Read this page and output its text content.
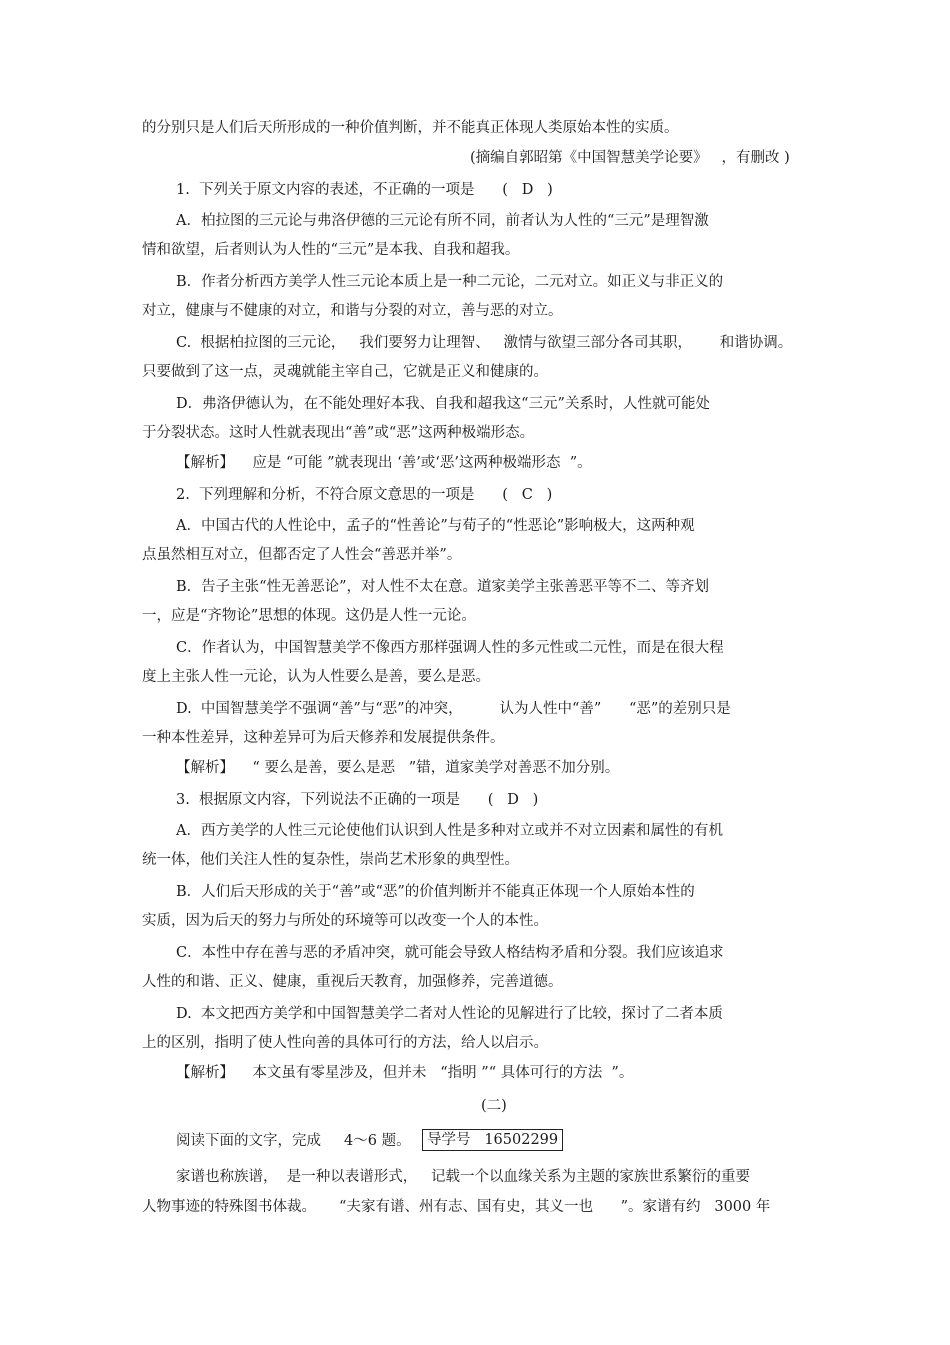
的分别只是人们后天所形成的一种价值判断，并不能真正体现人类原始本性的实质。
(摘编自郭昭第《中国智慧美学论要》   ，有删改 )
1.  下列关于原文内容的表述，不正确的一项是      (   D   )
A．柏拉图的三元论与弗洛伊德的三元论有所不同，前者认为人性的“三元”是理智激
情和欲望，后者则认为人性的“三元”是本我、自我和超我。
B．作者分析西方美学人性三元论本质上是一种二元论，二元对立。如正义与非正义的
对立，健康与不健康的对立，和谐与分裂的对立，善与恶的对立。
C.  根据柏拉图的三元论，   我们要努力让理智、   激情与欲望三部分各司其职，      和谐协调。
只要做到了这一点，灵魂就能主宰自己，它就是正义和健康的。
D．弗洛伊德认为，在不能处理好本我、自我和超我这“三元”关系时，人性就可能处
于分裂状态。这时人性就表现出“善”或“恶”这两种极端形态。
【解析】    应是 “可能 ”就表现出 ‘善’或‘恶’这两种极端形态  ”。
2.  下列理解和分析，不符合原文意思的一项是      (   C   )
A．中国古代的人性论中，孟子的“性善论”与荀子的“性恶论”影响极大，这两种观
点虽然相互对立，但都否定了人性会“善恶并举”。
B．告子主张“性无善恶论”，对人性不太在意。道家美学主张善恶平等不二、等齐划
一，应是“齐物论”思想的体现。这仍是人性一元论。
C．作者认为，中国智慧美学不像西方那样强调人性的多元性或二元性，而是在很大程
度上主张人性一元论，认为人性要么是善，要么是恶。
D.  中国智慧美学不强调“善”与“恶”的冲突，        认为人性中“善”      “恶”的差别只是
一种本性差异，这种差异可为后天修养和发展提供条件。
【解析】    “ 要么是善，要么是恶   ”错，道家美学对善恶不加分别。
3.  根据原文内容，下列说法不正确的一项是      (   D   )
A．西方美学的人性三元论使他们认识到人性是多种对立或并不对立因素和属性的有机
统一体，他们关注人性的复杂性，崇尚艺术形象的典型性。
B．人们后天形成的关于“善”或“恶”的价值判断并不能真正体现一个人原始本性的
实质，因为后天的努力与所处的环境等可以改变一个人的本性。
C．本性中存在善与恶的矛盾冲突，就可能会导致人格结构矛盾和分裂。我们应该追求
人性的和谐、正义、健康，重视后天教育，加强修养，完善道德。
D.  本文把西方美学和中国智慧美学二者对人性论的见解进行了比较，探讨了二者本质
上的区别，指明了使人性向善的具体可行的方法，给人以启示。
【解析】    本文虽有零星涉及，但并未   “指明 ”“ 具体可行的方法  ”。
(二)
阅读下面的文字，完成     4～6 题。	导学号   16502299
家谱也称族谱，  是一种以表谱形式，   记载一个以血缘关系为主题的家族世系繁衍的重要
人物事迹的特殊图书体裁。     “夫家有谱、州有志、国有史，其义一也      ”。家谱有约   3000 年
